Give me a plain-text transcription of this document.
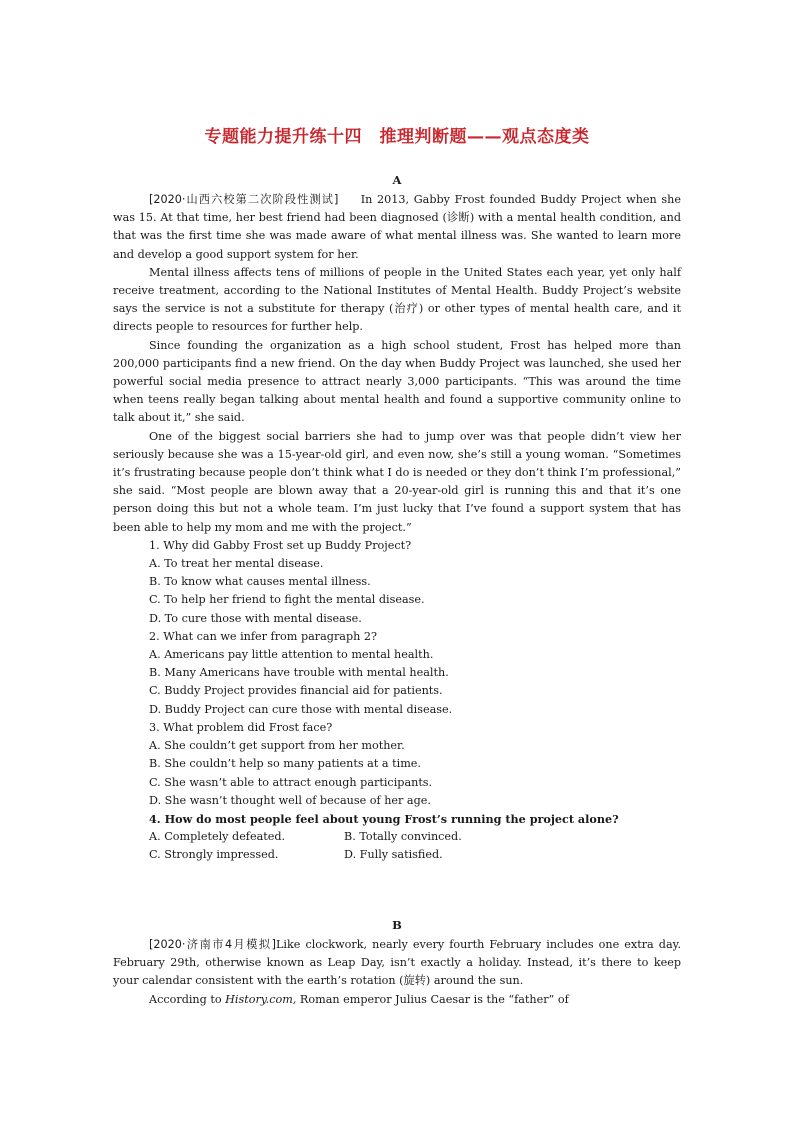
专题能力提升练十四　推理判断题——观点态度类
A

[2020·山西六校第二次阶段性测试]   In 2013, Gabby Frost founded Buddy Project when she was 15. At that time, her best friend had been diagnosed (诊断) with a mental health condition, and that was the first time she was made aware of what mental illness was. She wanted to learn more and develop a good support system for her.

Mental illness affects tens of millions of people in the United States each year, yet only half receive treatment, according to the National Institutes of Mental Health. Buddy Project’s website says the service is not a substitute for therapy (治疗) or other types of mental health care, and it directs people to resources for further help.

Since founding the organization as a high school student, Frost has helped more than 200,000 participants find a new friend. On the day when Buddy Project was launched, she used her powerful social media presence to attract nearly 3,000 participants. “This was around the time when teens really began talking about mental health and found a supportive community online to talk about it,” she said.

One of the biggest social barriers she had to jump over was that people didn’t view her seriously because she was a 15-year-old girl, and even now, she’s still a young woman. “Sometimes it’s frustrating because people don’t think what I do is needed or they don’t think I’m professional,” she said. “Most people are blown away that a 20-year-old girl is running this and that it’s one person doing this but not a whole team. I’m just lucky that I’ve found a support system that has been able to help my mom and me with the project.”

1. Why did Gabby Frost set up Buddy Project?

A. To treat her mental disease.

B. To know what causes mental illness.

C. To help her friend to fight the mental disease.

D. To cure those with mental disease.

2. What can we infer from paragraph 2?

A. Americans pay little attention to mental health.

B. Many Americans have trouble with mental health.

C. Buddy Project provides financial aid for patients.

D. Buddy Project can cure those with mental disease.

3. What problem did Frost face?

A. She couldn’t get support from her mother.

B. She couldn’t help so many patients at a time.

C. She wasn’t able to attract enough participants.

D. She wasn’t thought well of because of her age.

4. How do most people feel about young Frost’s running the project alone?

A. Completely defeated.	B. Totally convinced.
C. Strongly impressed.	D. Fully satisfied.
B

[2020·济南市4月模拟]Like clockwork, nearly every fourth February includes one extra day. February 29th, otherwise known as Leap Day, isn’t exactly a holiday. Instead, it’s there to keep your calendar consistent with the earth’s rotation (旋转) around the sun.

According to History.com, Roman emperor Julius Caesar is the “father” of
